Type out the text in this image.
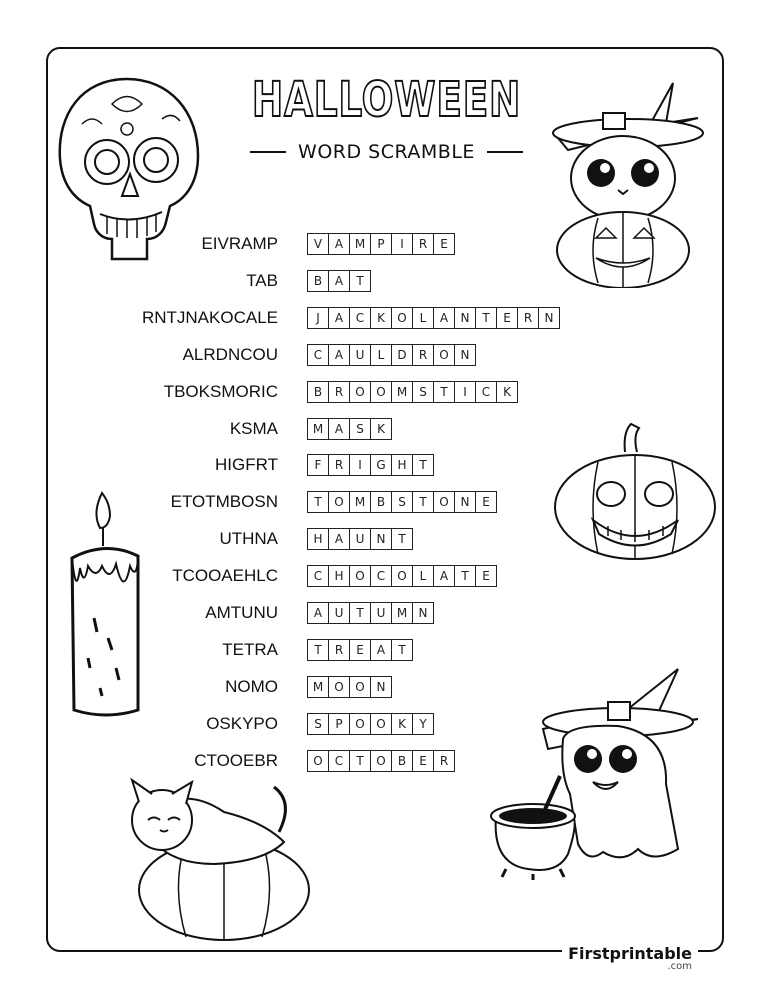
HALLOWEEN
WORD SCRAMBLE
EIVRAMP	V	A M	P	I	R	E
TAB	B	A	T
RNTJNAKOCALE	J	A	C	K	O	L	A	N	T	E	R	N
ALRDNCOU	C	A	U	L	D	R	O N
TBOKSMORIC	B	R	O O M	S	T	I	C	K
KSMA	M A	S	K
HIGFRT	F	R	I	G H	T
ETOTMBOSN	T	O M B	S	T	O N	E
UTHNA	H	A	U	N	T
TCOOAEHLC	C	H O	C	O	L	A	T	E
AMTUNU	A	U	T	U M N
TETRA	T	R	E	A	T
NOMO	M O O N
OSKYPO	S	P	O O	K	Y
CTOOEBR	O	C	T	O	B	E	R
Firstprintable
.com
